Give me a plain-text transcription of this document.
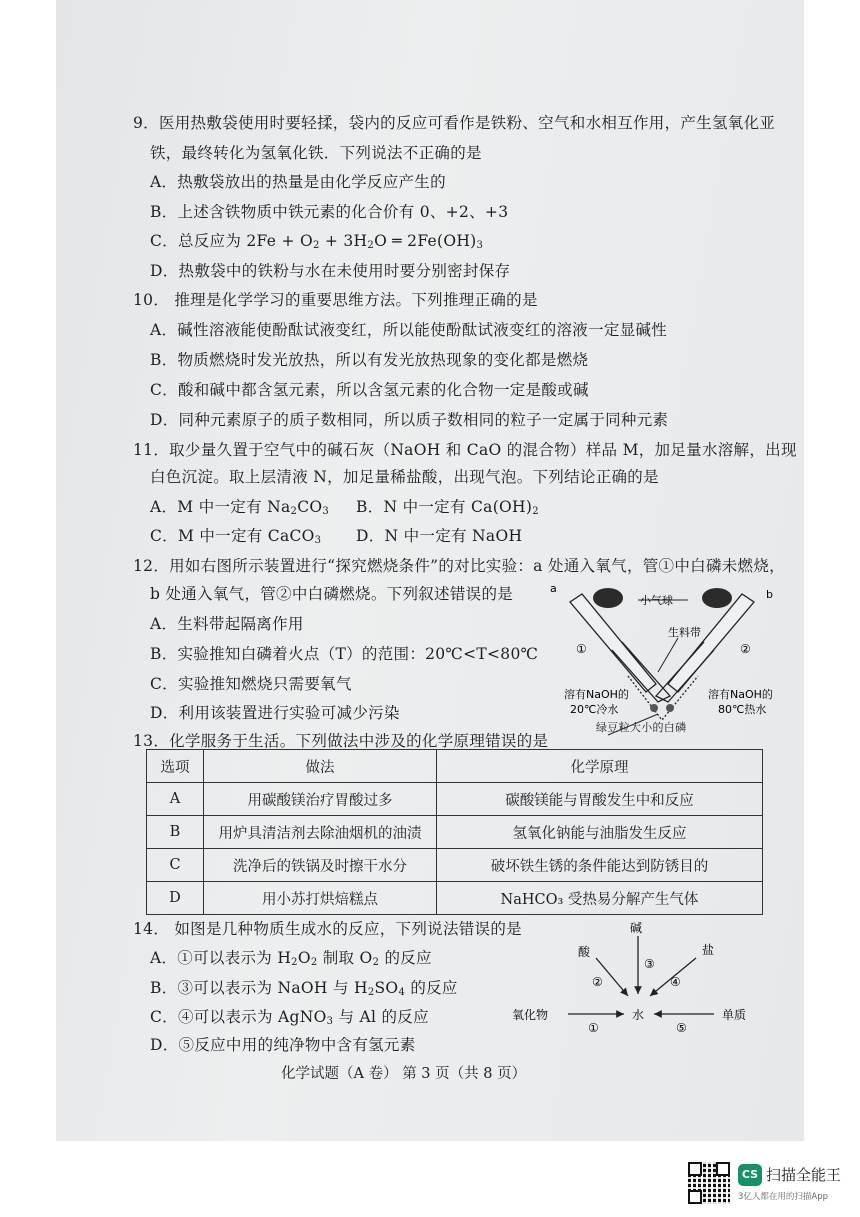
9．医用热敷袋使用时要轻揉，袋内的反应可看作是铁粉、空气和水相互作用，产生氢氧化亚
铁，最终转化为氢氧化铁．下列说法不正确的是
A．热敷袋放出的热量是由化学反应产生的
B．上述含铁物质中铁元素的化合价有 0、+2、+3
C．总反应为 $2Fe + O_2 + 3H_2O$ ═ $2Fe(OH)_3$
D．热敷袋中的铁粉与水在未使用时要分别密封保存
10． 推理是化学学习的重要思维方法。下列推理正确的是
A．碱性溶液能使酚酞试液变红，所以能使酚酞试液变红的溶液一定显碱性
B．物质燃烧时发光放热，所以有发光放热现象的变化都是燃烧
C．酸和碱中都含氢元素，所以含氢元素的化合物一定是酸或碱
D．同种元素原子的质子数相同，所以质子数相同的粒子一定属于同种元素
11．取少量久置于空气中的碱石灰（NaOH 和 CaO 的混合物）样品 M，加足量水溶解，出现
白色沉淀。取上层清液 N，加足量稀盐酸，出现气泡。下列结论正确的是
A．M 中一定有 $Na_2CO_3$ B．N 中一定有 $Ca(OH)_2$
C．M 中一定有 CaCO$_3$ D．N 中一定有 NaOH
12．用如右图所示装置进行“探究燃烧条件”的对比实验：a 处通入氧气，管①中白磷未燃烧，
b 处通入氧气，管②中白磷燃烧。下列叙述错误的是
A．生料带起隔离作用
B．实验推知白磷着火点（T）的范围：20℃<T<80℃
C．实验推知燃烧只需要氧气
D．利用该装置进行实验可减少污染
a	b
小气球
①	②
生料带
溶有NaOH的
20℃冷水
溶有NaOH的
80℃热水
绿豆粒大小的白磷
13．化学服务于生活。下列做法中涉及的化学原理错误的是
选项	做法	化学原理
A	用碳酸镁治疗胃酸过多	碳酸镁能与胃酸发生中和反应
B	用炉具清洁剂去除油烟机的油渍	氢氧化钠能与油脂发生反应
C	洗净后的铁锅及时擦干水分	破坏铁生锈的条件能达到防锈目的
D	用小苏打烘焙糕点	NaHCO₃ 受热易分解产生气体
14． 如图是几种物质生成水的反应，下列说法错误的是
A．①可以表示为 $H_2O_2$ 制取 $O_2$ 的反应
B．③可以表示为 NaOH 与 $H_2SO_4$ 的反应
C．④可以表示为 AgNO$_3$ 与 Al 的反应
D．⑤反应中用的纯净物中含有氢元素
碱
酸	盐
氧化物	水	单质
②
③
④
①	⑤
化学试题（A 卷） 第 3 页（共 8 页）
CS 扫描全能王
3亿人都在用的扫描App
